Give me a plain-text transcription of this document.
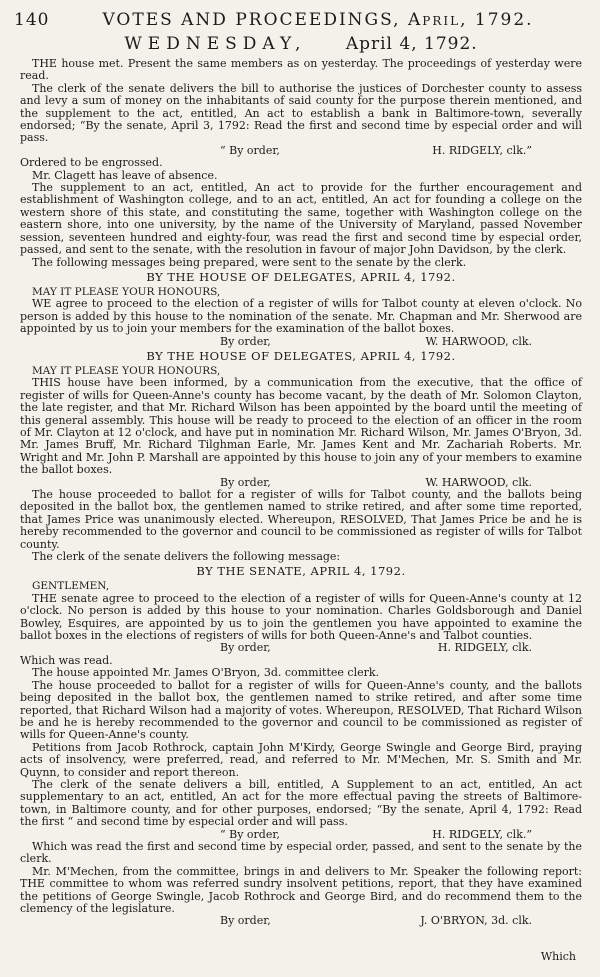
140	VOTES AND PROCEEDINGS, April, 1792.
WEDNESDAY, April 4, 1792.

THE house met. Present the same members as on yesterday. The proceedings of yesterday were read.

The clerk of the senate delivers the bill to authorise the justices of Dorchester county to assess and levy a sum of money on the inhabitants of said county for the purpose therein mentioned, and the supplement to the act, entitled, An act to establish a bank in Baltimore-town, severally endorsed; “By the senate, April 3, 1792: Read the first and second time by especial order and will pass.

“ By order,	H. RIDGELY, clk.”

Ordered to be engrossed.

Mr. Clagett has leave of absence.

The supplement to an act, entitled, An act to provide for the further encouragement and establishment of Washington college, and to an act, entitled, An act for founding a college on the western shore of this state, and constituting the same, together with Washington college on the eastern shore, into one university, by the name of the University of Maryland, passed November session, seventeen hundred and eighty-four, was read the first and second time by especial order, passed, and sent to the senate, with the resolution in favour of major John Davidson, by the clerk.

The following messages being prepared, were sent to the senate by the clerk.

BY THE HOUSE OF DELEGATES, APRIL 4, 1792.
MAY IT PLEASE YOUR HONOURS,

WE agree to proceed to the election of a register of wills for Talbot county at eleven o'clock. No person is added by this house to the nomination of the senate. Mr. Chapman and Mr. Sherwood are appointed by us to join your members for the examination of the ballot boxes.

By order,	W. HARWOOD, clk.
BY THE HOUSE OF DELEGATES, APRIL 4, 1792.
MAY IT PLEASE YOUR HONOURS,

THIS house have been informed, by a communication from the executive, that the office of register of wills for Queen-Anne's county has become vacant, by the death of Mr. Solomon Clayton, the late register, and that Mr. Richard Wilson has been appointed by the board until the meeting of this general assembly. This house will be ready to proceed to the election of an officer in the room of Mr. Clayton at 12 o'clock, and have put in nomination Mr. Richard Wilson, Mr. James O'Bryon, 3d. Mr. James Bruff, Mr. Richard Tilghman Earle, Mr. James Kent and Mr. Zachariah Roberts. Mr. Wright and Mr. John P. Marshall are appointed by this house to join any of your members to examine the ballot boxes.

By order,	W. HARWOOD, clk.

The house proceeded to ballot for a register of wills for Talbot county, and the ballots being deposited in the ballot box, the gentlemen named to strike retired, and after some time reported, that James Price was unanimously elected. Whereupon, RESOLVED, That James Price be and he is hereby recommended to the governor and council to be commissioned as register of wills for Talbot county.

The clerk of the senate delivers the following message:

BY THE SENATE, APRIL 4, 1792.
GENTLEMEN,

THE senate agree to proceed to the election of a register of wills for Queen-Anne's county at 12 o'clock. No person is added by this house to your nomination. Charles Goldsborough and Daniel Bowley, Esquires, are appointed by us to join the gentlemen you have appointed to examine the ballot boxes in the elections of registers of wills for both Queen-Anne's and Talbot counties.

By order,	H. RIDGELY, clk.

Which was read.

The house appointed Mr. James O'Bryon, 3d. committee clerk.

The house proceeded to ballot for a register of wills for Queen-Anne's county, and the ballots being deposited in the ballot box, the gentlemen named to strike retired, and after some time reported, that Richard Wilson had a majority of votes. Whereupon, RESOLVED, That Richard Wilson be and he is hereby recommended to the governor and council to be commissioned as register of wills for Queen-Anne's county.

Petitions from Jacob Rothrock, captain John M'Kirdy, George Swingle and George Bird, praying acts of insolvency, were preferred, read, and referred to Mr. M'Mechen, Mr. S. Smith and Mr. Quynn, to consider and report thereon.

The clerk of the senate delivers a bill, entitled, A Supplement to an act, entitled, An act supplementary to an act, entitled, An act for the more effectual paving the streets of Baltimore-town, in Baltimore county, and for other purposes, endorsed; “By the senate, April 4, 1792: Read the first “ and second time by especial order and will pass.

“ By order,	H. RIDGELY, clk.”

Which was read the first and second time by especial order, passed, and sent to the senate by the clerk.

Mr. M'Mechen, from the committee, brings in and delivers to Mr. Speaker the following report: THE committee to whom was referred sundry insolvent petitions, report, that they have examined the petitions of George Swingle, Jacob Rothrock and George Bird, and do recommend them to the clemency of the legislature.

By order,	J. O'BRYON, 3d. clk.
Which
